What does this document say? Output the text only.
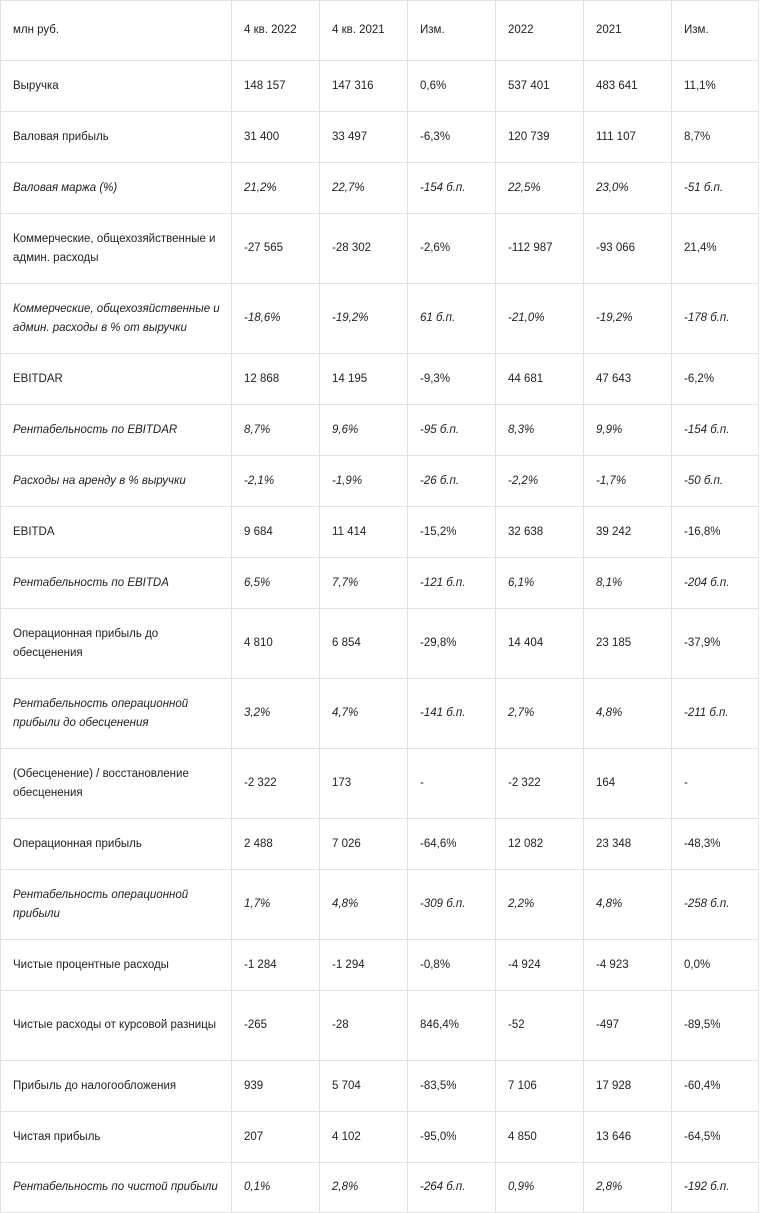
млн руб.	4 кв. 2022	4 кв. 2021	Изм.	2022	2021	Изм.
Выручка	148 157	147 316	0,6%	537 401	483 641	11,1%
Валовая прибыль	31 400	33 497	-6,3%	120 739	111 107	8,7%
Валовая маржа (%)	21,2%	22,7%	-154 б.п.	22,5%	23,0%	-51 б.п.
Коммерческие, общехозяйственные и админ. расходы	-27 565	-28 302	-2,6%	-112 987	-93 066	21,4%
Коммерческие, общехозяйственные и админ. расходы в % от выручки	-18,6%	-19,2%	61 б.п.	-21,0%	-19,2%	-178 б.п.
EBITDAR	12 868	14 195	-9,3%	44 681	47 643	-6,2%
Рентабельность по EBITDAR	8,7%	9,6%	-95 б.п.	8,3%	9,9%	-154 б.п.
Расходы на аренду в % выручки	-2,1%	-1,9%	-26 б.п.	-2,2%	-1,7%	-50 б.п.
EBITDA	9 684	11 414	-15,2%	32 638	39 242	-16,8%
Рентабельность по EBITDA	6,5%	7,7%	-121 б.п.	6,1%	8,1%	-204 б.п.
Операционная прибыль до обесценения	4 810	6 854	-29,8%	14 404	23 185	-37,9%
Рентабельность операционной прибыли до обесценения	3,2%	4,7%	-141 б.п.	2,7%	4,8%	-211 б.п.
(Обесценение) / восстановление обесценения	-2 322	173	-	-2 322	164	-
Операционная прибыль	2 488	7 026	-64,6%	12 082	23 348	-48,3%
Рентабельность операционной прибыли	1,7%	4,8%	-309 б.п.	2,2%	4,8%	-258 б.п.
Чистые процентные расходы	-1 284	-1 294	-0,8%	-4 924	-4 923	0,0%
Чистые расходы от курсовой разницы	-265	-28	846,4%	-52	-497	-89,5%
Прибыль до налогообложения	939	5 704	-83,5%	7 106	17 928	-60,4%
Чистая прибыль	207	4 102	-95,0%	4 850	13 646	-64,5%
Рентабельность по чистой прибыли	0,1%	2,8%	-264 б.п.	0,9%	2,8%	-192 б.п.
